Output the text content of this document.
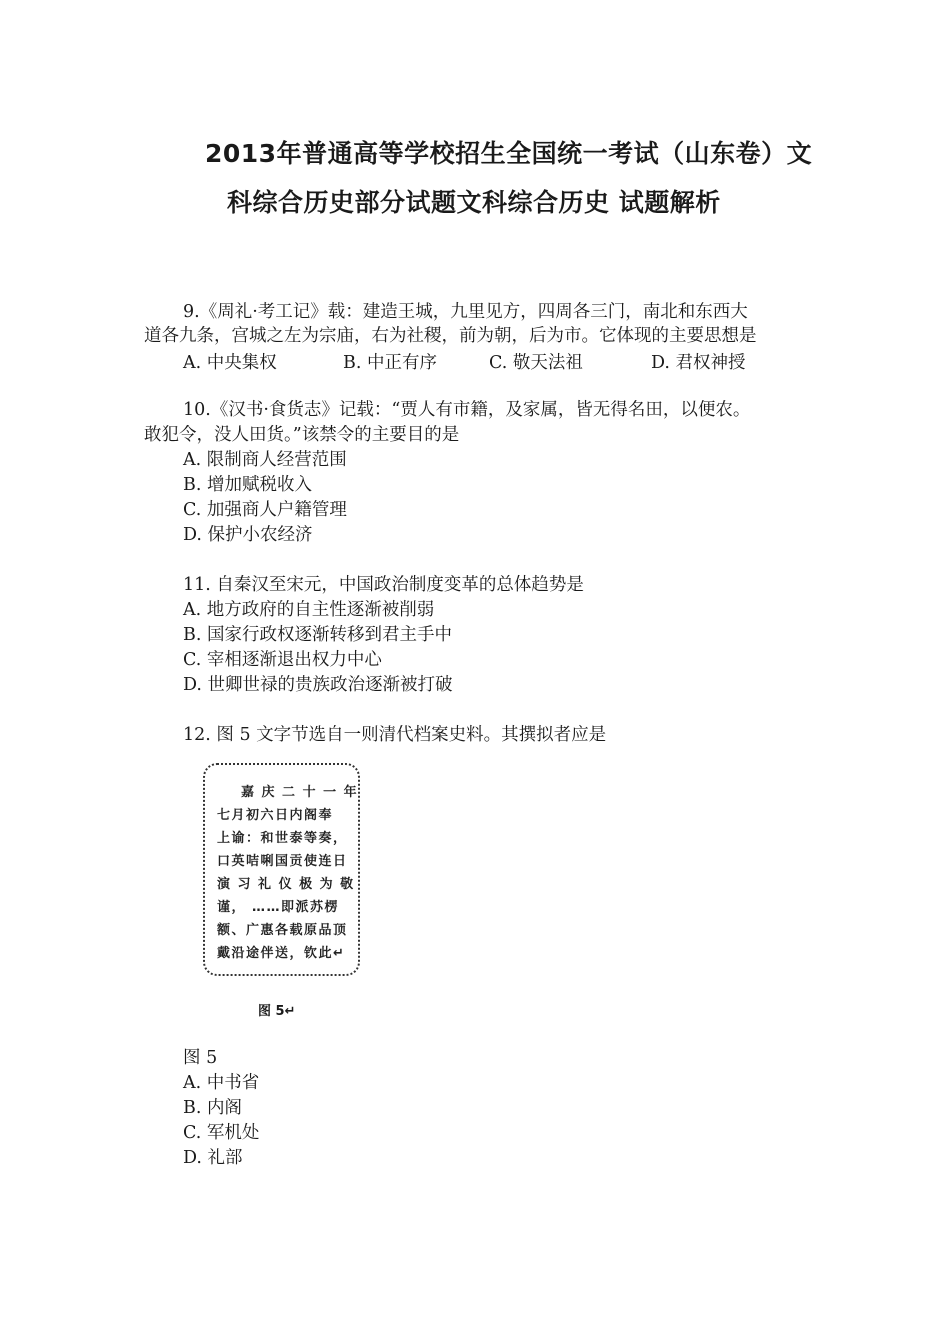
2013年普通高等学校招生全国统一考试（山东卷）文
科综合历史部分试题文科综合历史 试题解析
9.《周礼·考工记》载：建造王城，九里见方，四周各三门，南北和东西大
道各九条，宫城之左为宗庙，右为社稷，前为朝，后为市。它体现的主要思想是
A. 中央集权	B. 中正有序	C. 敬天法祖	D. 君权神授
10.《汉书·食货志》记载：“贾人有市籍，及家属，皆无得名田，以便农。
敢犯令，没人田货。”该禁令的主要目的是
A. 限制商人经营范围
B. 增加赋税收入
C. 加强商人户籍管理
D. 保护小农经济
11. 自秦汉至宋元，中国政治制度变革的总体趋势是
A. 地方政府的自主性逐渐被削弱
B. 国家行政权逐渐转移到君主手中
C. 宰相逐渐退出权力中心
D. 世卿世禄的贵族政治逐渐被打破
12. 图 5 文字节选自一则清代档案史料。其撰拟者应是
嘉 庆 二 十 一 年
七月初六日内阁奉
上谕：和世泰等奏，
口英咭唎国贡使连日
演 习 礼 仪 极 为 敬
谨， ……即派苏楞
额、广惠各载原品顶
戴沿途伴送，钦此↵
图 5↵
图 5
A. 中书省
B. 内阁
C. 军机处
D. 礼部
